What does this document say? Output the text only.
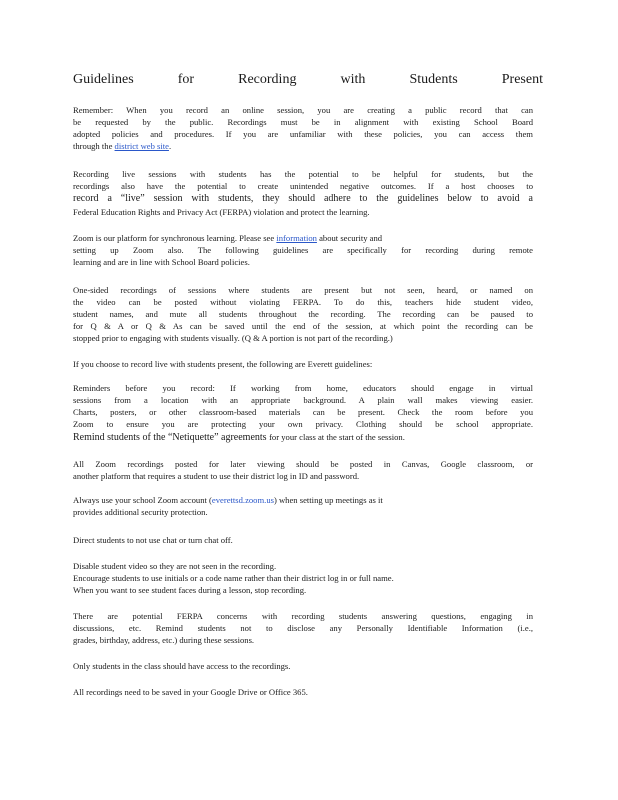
Guidelines for Recording with Students Present
Remember: When you record an online session, you are creating a public record that can
be requested by the public. Recordings must be in alignment with existing School Board
adopted policies and procedures. If you are unfamiliar with these policies, you can access them
through the district web site.
Recording live sessions with students has the potential to be helpful for students, but the
recordings also have the potential to create unintended negative outcomes. If a host chooses to
record a “live” session with students, they should adhere to the guidelines below to avoid a
Federal Education Rights and Privacy Act (FERPA) violation and protect the learning.
Zoom is our platform for synchronous learning. Please see information about security and
setting up Zoom also. The following guidelines are specifically for recording during remote
learning and are in line with School Board policies.
One-sided recordings of sessions where students are present but not seen, heard, or named on
the video can be posted without violating FERPA. To do this, teachers hide student video,
student names, and mute all students throughout the recording. The recording can be paused to
for Q & A or Q & As can be saved until the end of the session, at which point the recording can be
stopped prior to engaging with students visually. (Q & A portion is not part of the recording.)
If you choose to record live with students present, the following are Everett guidelines:
Reminders before you record: If working from home, educators should engage in virtual
sessions from a location with an appropriate background. A plain wall makes viewing easier.
Charts, posters, or other classroom-based materials can be present. Check the room before you
Zoom to ensure you are protecting your own privacy. Clothing should be school appropriate.
Remind students of the “Netiquette” agreements for your class at the start of the session.
All Zoom recordings posted for later viewing should be posted in Canvas, Google classroom, or
another platform that requires a student to use their district log in ID and password.
Always use your school Zoom account (everettsd.zoom.us) when setting up meetings as it
provides additional security protection.
Direct students to not use chat or turn chat off.
Disable student video so they are not seen in the recording.
Encourage students to use initials or a code name rather than their district log in or full name.
When you want to see student faces during a lesson, stop recording.
There are potential FERPA concerns with recording students answering questions, engaging in
discussions, etc. Remind students not to disclose any Personally Identifiable Information (i.e.,
grades, birthday, address, etc.) during these sessions.
Only students in the class should have access to the recordings.
All recordings need to be saved in your Google Drive or Office 365.
